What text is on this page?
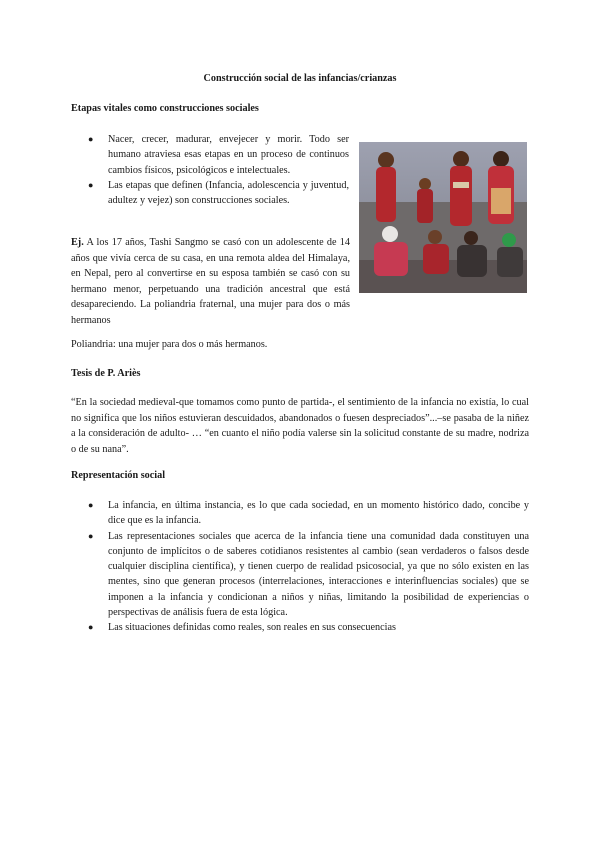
Construcción social de las infancias/crianzas
Etapas vitales como construcciones sociales
● Nacer, crecer, madurar, envejecer y morir. Todo ser humano atraviesa esas etapas en un proceso de continuos cambios físicos, psicológicos e intelectuales.
● Las etapas que definen (Infancia, adolescencia y juventud, adultez y vejez) son construcciones sociales.
Ej. A los 17 años, Tashi Sangmo se casó con un adolescente de 14 años que vivía cerca de su casa, en una remota aldea del Himalaya, en Nepal, pero al convertirse en su esposa también se casó con su hermano menor, perpetuando una tradición ancestral que está desapareciendo. La poliandria fraternal, una mujer para dos o más hermanos
Poliandria: una mujer para dos o más hermanos.
Tesis de P. Ariès
“En la sociedad medieval-que tomamos como punto de partida-, el sentimiento de la infancia no existía, lo cual no significa que los niños estuvieran descuidados, abandonados o fuesen despreciados”...–se pasaba de la niñez a la consideración de adulto- … “en cuanto el niño podía valerse sin la solicitud constante de su madre, nodriza o de su nana”.
Representación social
● La infancia, en última instancia, es lo que cada sociedad, en un momento histórico dado, concibe y dice que es la infancia.
● Las representaciones sociales que acerca de la infancia tiene una comunidad dada constituyen una conjunto de implícitos o de saberes cotidianos resistentes al cambio (sean verdaderos o falsos desde cualquier disciplina científica), y tienen cuerpo de realidad psicosocial, ya que no sólo existen en las mentes, sino que generan procesos (interrelaciones, interacciones e interinfluencias sociales) que se imponen a la infancia y condicionan a niños y niñas, limitando la posibilidad de experiencias o perspectivas de análisis fuera de esta lógica.
● Las situaciones definidas como reales, son reales en sus consecuencias
